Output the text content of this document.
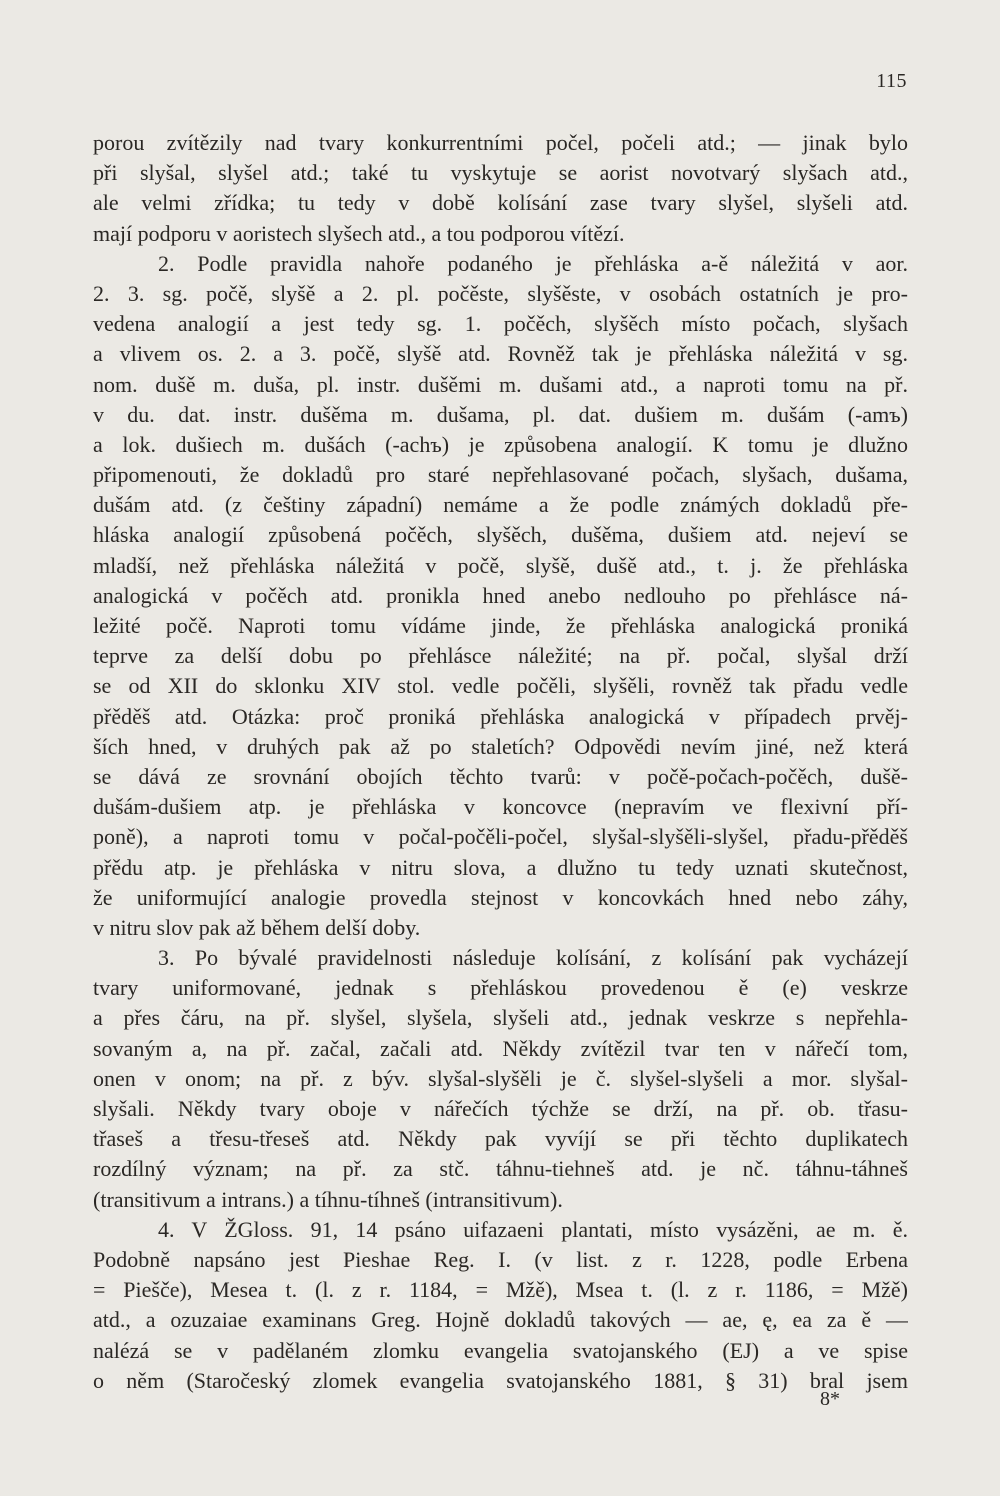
115
porou zvítězily nad tvary konkurrentními počel, počeli atd.; — jinak bylo
při slyšal, slyšel atd.; také tu vyskytuje se aorist novotvarý slyšach atd.,
ale velmi zřídka; tu tedy v době kolísání zase tvary slyšel, slyšeli atd.
mají podporu v aoristech slyšech atd., a tou podporou vítězí.
2. Podle pravidla nahoře podaného je přehláska a-ě náležitá v aor.
2. 3. sg. počě, slyšě a 2. pl. počěste, slyšěste, v osobách ostatních je pro-
vedena analogií a jest tedy sg. 1. počěch, slyšěch místo počach, slyšach
a vlivem os. 2. a 3. počě, slyšě atd. Rovněž tak je přehláska náležitá v sg.
nom. dušě m. duša, pl. instr. dušěmi m. dušami atd., a naproti tomu na př.
v du. dat. instr. dušěma m. dušama, pl. dat. dušiem m. dušám (-amъ)
a lok. dušiech m. dušách (-achъ) je způsobena analogií. K tomu je dlužno
připomenouti, že dokladů pro staré nepřehlasované počach, slyšach, dušama,
dušám atd. (z češtiny západní) nemáme a že podle známých dokladů pře-
hláska analogií způsobená počěch, slyšěch, dušěma, dušiem atd. nejeví se
mladší, než přehláska náležitá v počě, slyšě, dušě atd., t. j. že přehláska
analogická v počěch atd. pronikla hned anebo nedlouho po přehlásce ná-
ležité počě. Naproti tomu vídáme jinde, že přehláska analogická proniká
teprve za delší dobu po přehlásce náležité; na př. počal, slyšal drží
se od XII do sklonku XIV stol. vedle počěli, slyšěli, rovněž tak přadu vedle
přěděš atd. Otázka: proč proniká přehláska analogická v případech prvěj-
ších hned, v druhých pak až po staletích? Odpovědi nevím jiné, než která
se dává ze srovnání obojích těchto tvarů: v počě-počach-počěch, dušě-
dušám-dušiem atp. je přehláska v koncovce (nepravím ve flexivní pří-
poně), a naproti tomu v počal-počěli-počel, slyšal-slyšěli-slyšel, přadu-přěděš
přědu atp. je přehláska v nitru slova, a dlužno tu tedy uznati skutečnost,
že uniformující analogie provedla stejnost v koncovkách hned nebo záhy,
v nitru slov pak až během delší doby.
3. Po bývalé pravidelnosti následuje kolísání, z kolísání pak vycházejí
tvary uniformované, jednak s přehláskou provedenou ě (e) veskrze
a přes čáru, na př. slyšel, slyšela, slyšeli atd., jednak veskrze s nepřehla-
sovaným a, na př. začal, začali atd. Někdy zvítězil tvar ten v nářečí tom,
onen v onom; na př. z býv. slyšal-slyšěli je č. slyšel-slyšeli a mor. slyšal-
slyšali. Někdy tvary oboje v nářečích týchže se drží, na př. ob. třasu-
třaseš a třesu-třeseš atd. Někdy pak vyvíjí se při těchto duplikatech
rozdílný význam; na př. za stč. táhnu-tiehneš atd. je nč. táhnu-táhneš
(transitivum a intrans.) a tíhnu-tíhneš (intransitivum).
4. V ŽGloss. 91, 14 psáno uifazaeni plantati, místo vysázěni, ae m. ě.
Podobně napsáno jest Pieshae Reg. I. (v list. z r. 1228, podle Erbena
= Piešče), Mesea t. (l. z r. 1184, = Mžě), Msea t. (l. z r. 1186, = Mžě)
atd., a ozuzaiae examinans Greg. Hojně dokladů takových — ae, ę, ea za ě —
nalézá se v padělaném zlomku evangelia svatojanského (EJ) a ve spise
o něm (Staročeský zlomek evangelia svatojanského 1881, § 31) bral jsem
8*
